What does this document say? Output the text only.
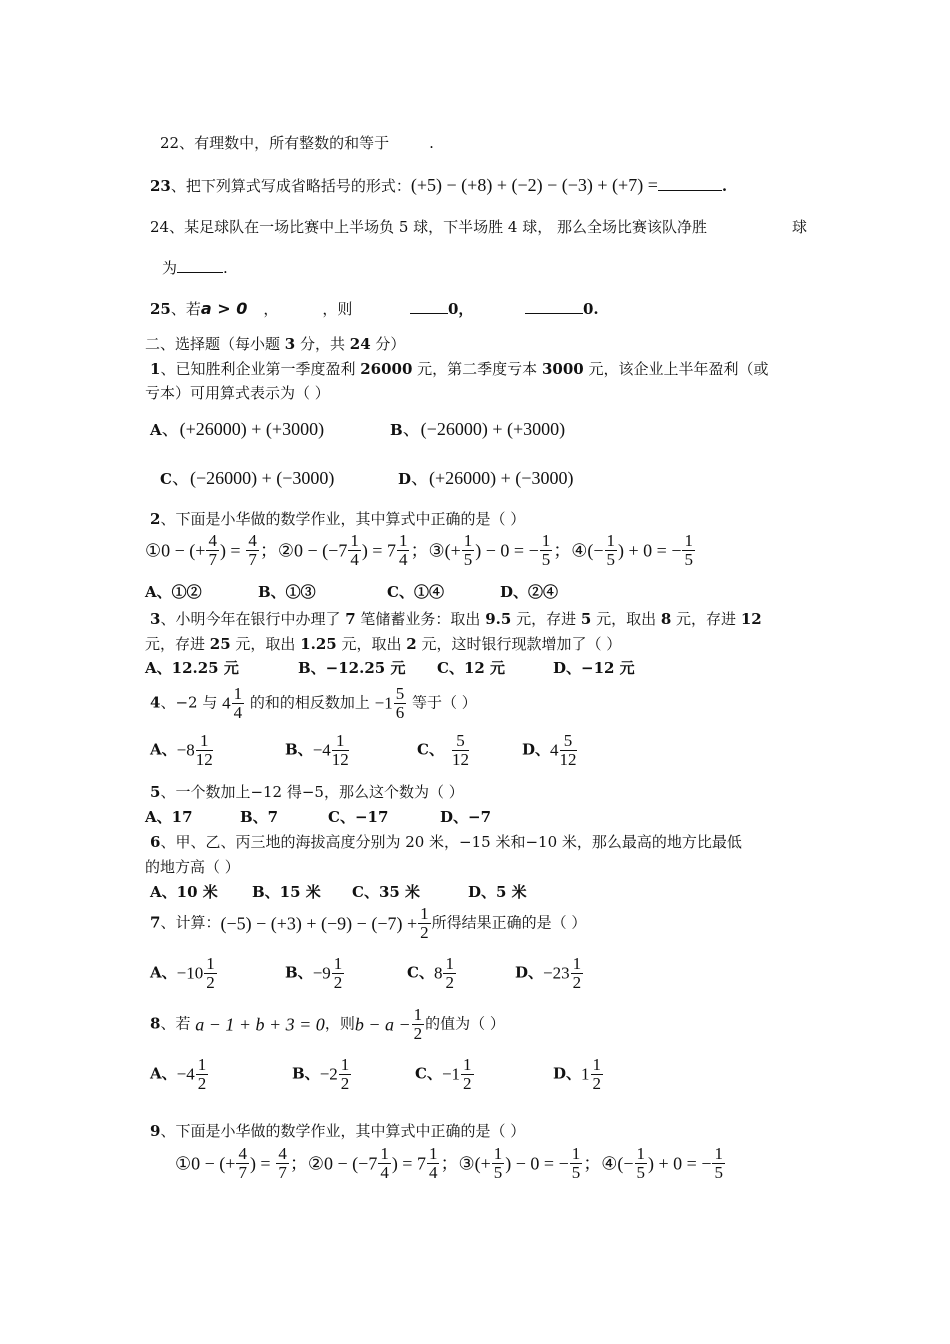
22、有理数中，所有整数的和等于	.
23、把下列算式写成省略括号的形式：(+5) − (+8) + (−2) − (−3) + (+7) =	.
24、某足球队在一场比赛中上半场负 5 球，下半场胜 4 球， 那么全场比赛该队净胜	球
为	.
25、若a > 0 ，	，则	0，	0.
二、选择题（每小题 3 分，共 24 分）
1、已知胜利企业第一季度盈利 26000 元，第二季度亏本 3000 元，该企业上半年盈利（或
亏本）可用算式表示为（ ）
A、(+26000) + (+3000)	B、(−26000) + (+3000)
C、(−26000) + (−3000)	D、(+26000) + (−3000)
2、下面是小华做的数学作业，其中算式中正确的是（ ）
①0 − (+ $\frac{4}{7}$ ) = $\frac{4}{7}$ ；②0 − ($-7 \frac{1}{4}$ ) = $7 \frac{1}{4}$ ；③(+ $\frac{1}{5}$ ) − 0 = − $\frac{1}{5}$ ；④(− $\frac{1}{5}$ ) + 0 = − $\frac{1}{5}$
A、①②	B、①③	C、①④	D、②④
3、小明今年在银行中办理了 7 笔储蓄业务：取出 9.5 元，存进 5 元，取出 8 元，存进 12
元，存进 25 元，取出 1.25 元，取出 2 元，这时银行现款增加了（ ）
A、12.25 元	B、−12.25 元 C、12 元	D、−12 元
4、−2 与 $4 \frac{1}{4}$ 的和的相反数加上 $-1 \frac{5}{6}$ 等于（ ）
A、$-8 \frac{1}{12}$	B、$-4 \frac{1}{12}$	C、 $\frac{5}{12}$	D、$4 \frac{5}{12}$
5、一个数加上−12 得−5，那么这个数为（ ）
A、17	B、7	C、−17	D、−7
6、甲、乙、丙三地的海拔高度分别为 20 米，−15 米和−10 米，那么最高的地方比最低
的地方高（ ）
A、10 米 B、15 米 C、35 米	D、5 米
7、计算：$(-5) - (+3) + (-9) - (-7) + \frac{1}{2}$ 所得结果正确的是（ ）
A、$-10 \frac{1}{2}$	B、$-9 \frac{1}{2}$	C、$8 \frac{1}{2}$	D、$-23 \frac{1}{2}$
8、若 a − 1 + b + 3 = 0，则$b - a - \frac{1}{2}$ 的值为（ ）
A、$-4 \frac{1}{2}$	B、$-2 \frac{1}{2}$	C、$-1 \frac{1}{2}$	D、$1 \frac{1}{2}$
9、下面是小华做的数学作业，其中算式中正确的是（ ）
①0 − (+ $\frac{4}{7}$ ) = $\frac{4}{7}$ ；②0 − ($-7 \frac{1}{4}$ ) = $7 \frac{1}{4}$ ；③(+ $\frac{1}{5}$ ) − 0 = − $\frac{1}{5}$ ；④(− $\frac{1}{5}$ ) + 0 = − $\frac{1}{5}$
